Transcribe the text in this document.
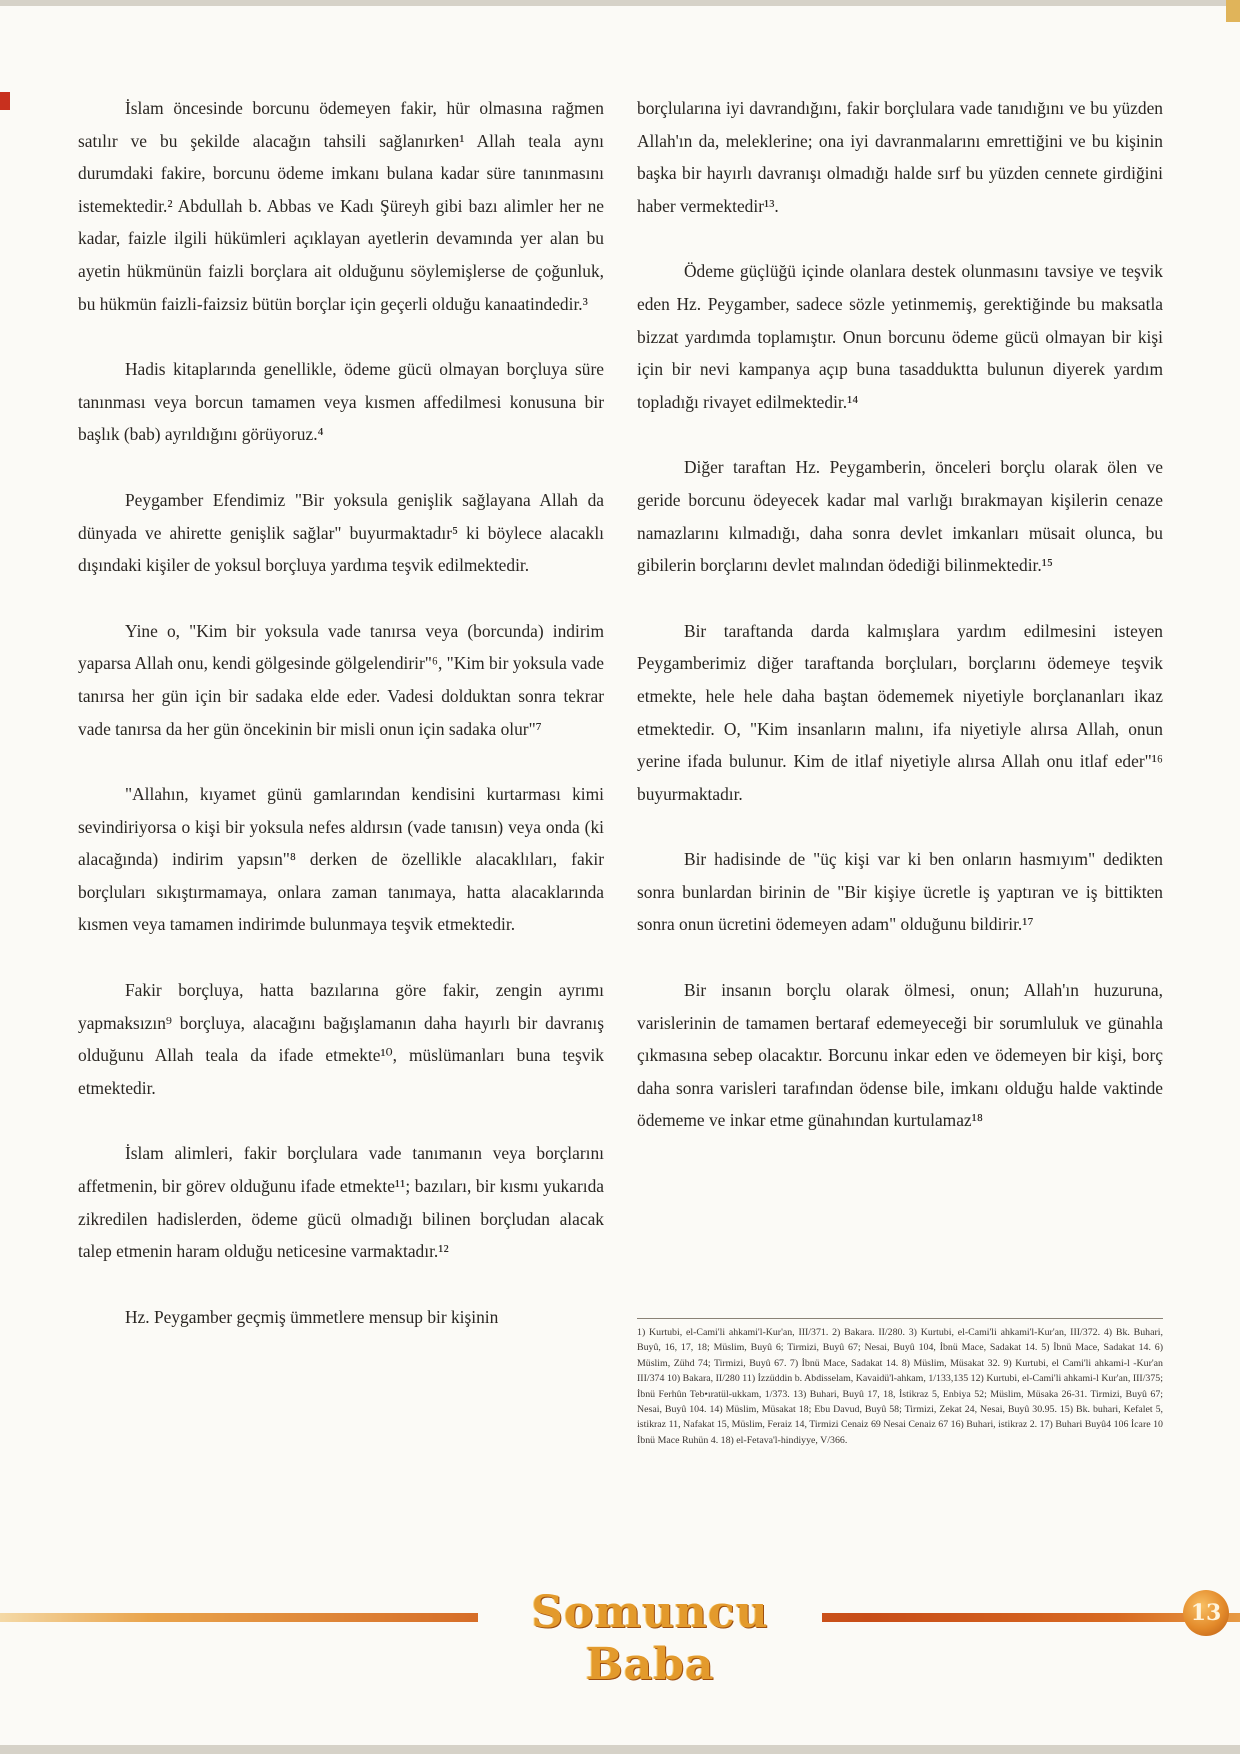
İslam öncesinde borcunu ödemeyen fakir, hür olmasına rağmen satılır ve bu şekilde alacağın tahsili sağlanırken¹ Allah teala aynı durumdaki fakire, borcunu ödeme imkanı bulana kadar süre tanınmasını istemektedir.² Abdullah b. Abbas ve Kadı Şüreyh gibi bazı alimler her ne kadar, faizle ilgili hükümleri açıklayan ayetlerin devamında yer alan bu ayetin hükmünün faizli borçlara ait olduğunu söylemişlerse de çoğunluk, bu hükmün faizli-faizsiz bütün borçlar için geçerli olduğu kanaatindedir.³

Hadis kitaplarında genellikle, ödeme gücü olmayan borçluya süre tanınması veya borcun tamamen veya kısmen affedilmesi konusuna bir başlık (bab) ayrıldığını görüyoruz.⁴

Peygamber Efendimiz "Bir yoksula genişlik sağlayana Allah da dünyada ve ahirette genişlik sağlar" buyurmaktadır⁵ ki böylece alacaklı dışındaki kişiler de yoksul borçluya yardıma teşvik edilmektedir.

Yine o, "Kim bir yoksula vade tanırsa veya (borcunda) indirim yaparsa Allah onu, kendi gölgesinde gölgelendirir"⁶, "Kim bir yoksula vade tanırsa her gün için bir sadaka elde eder. Vadesi dolduktan sonra tekrar vade tanırsa da her gün öncekinin bir misli onun için sadaka olur"⁷

"Allahın, kıyamet günü gamlarından kendisini kurtarması kimi sevindiriyorsa o kişi bir yoksula nefes aldırsın (vade tanısın) veya onda (ki alacağında) indirim yapsın"⁸ derken de özellikle alacaklıları, fakir borçluları sıkıştırmamaya, onlara zaman tanımaya, hatta alacaklarında kısmen veya tamamen indirimde bulunmaya teşvik etmektedir.

Fakir borçluya, hatta bazılarına göre fakir, zengin ayrımı yapmaksızın⁹ borçluya, alacağını bağışlamanın daha hayırlı bir davranış olduğunu Allah teala da ifade etmekte¹⁰, müslümanları buna teşvik etmektedir.

İslam alimleri, fakir borçlulara vade tanımanın veya borçlarını affetmenin, bir görev olduğunu ifade etmekte¹¹; bazıları, bir kısmı yukarıda zikredilen hadislerden, ödeme gücü olmadığı bilinen borçludan alacak talep etmenin haram olduğu neticesine varmaktadır.¹²

Hz. Peygamber geçmiş ümmetlere mensup bir kişinin

borçlularına iyi davrandığını, fakir borçlulara vade tanıdığını ve bu yüzden Allah'ın da, meleklerine; ona iyi davranmalarını emrettiğini ve bu kişinin başka bir hayırlı davranışı olmadığı halde sırf bu yüzden cennete girdiğini haber vermektedir¹³.

Ödeme güçlüğü içinde olanlara destek olunmasını tavsiye ve teşvik eden Hz. Peygamber, sadece sözle yetinmemiş, gerektiğinde bu maksatla bizzat yardımda toplamıştır. Onun borcunu ödeme gücü olmayan bir kişi için bir nevi kampanya açıp buna tasadduktta bulunun diyerek yardım topladığı rivayet edilmektedir.¹⁴

Diğer taraftan Hz. Peygamberin, önceleri borçlu olarak ölen ve geride borcunu ödeyecek kadar mal varlığı bırakmayan kişilerin cenaze namazlarını kılmadığı, daha sonra devlet imkanları müsait olunca, bu gibilerin borçlarını devlet malından ödediği bilinmektedir.¹⁵

Bir taraftanda darda kalmışlara yardım edilmesini isteyen Peygamberimiz diğer taraftanda borçluları, borçlarını ödemeye teşvik etmekte, hele hele daha baştan ödememek niyetiyle borçlananları ikaz etmektedir. O, "Kim insanların malını, ifa niyetiyle alırsa Allah, onun yerine ifada bulunur. Kim de itlaf niyetiyle alırsa Allah onu itlaf eder"¹⁶ buyurmaktadır.

Bir hadisinde de "üç kişi var ki ben onların hasmıyım" dedikten sonra bunlardan birinin de "Bir kişiye ücretle iş yaptıran ve iş bittikten sonra onun ücretini ödemeyen adam" olduğunu bildirir.¹⁷

Bir insanın borçlu olarak ölmesi, onun; Allah'ın huzuruna, varislerinin de tamamen bertaraf edemeyeceği bir sorumluluk ve günahla çıkmasına sebep olacaktır. Borcunu inkar eden ve ödemeyen bir kişi, borç daha sonra varisleri tarafından ödense bile, imkanı olduğu halde vaktinde ödememe ve inkar etme günahından kurtulamaz¹⁸

1) Kurtubi, el-Cami'li ahkami'l-Kur'an, III/371. 2) Bakara. II/280. 3) Kurtubi, el-Cami'li ahkami'l-Kur'an, III/372. 4) Bk. Buhari, Buyû, 16, 17, 18; Müslim, Buyû 6; Tirmizi, Buyû 67; Nesai, Buyû 104, İbnü Mace, Sadakat 14. 5) İbnü Mace, Sadakat 14. 6) Müslim, Zühd 74; Tirmizi, Buyû 67. 7) İbnü Mace, Sadakat 14. 8) Müslim, Müsakat 32. 9) Kurtubi, el Cami'li ahkami-l -Kur'an III/374 10) Bakara, II/280 11) İzzüddin b. Abdisselam, Kavaidü'l-ahkam, 1/133,135 12) Kurtubi, el-Cami'li ahkami-l Kur'an, III/375; İbnü Ferhûn Teb•ıratül-ukkam, 1/373. 13) Buhari, Buyû 17, 18, İstikraz 5, Enbiya 52; Müslim, Müsaka 26-31. Tirmizi, Buyû 67; Nesai, Buyû 104. 14) Müslim, Müsakat 18; Ebu Davud, Buyû 58; Tirmizi, Zekat 24, Nesai, Buyû 30.95. 15) Bk. buhari, Kefalet 5, istikraz 11, Nafakat 15, Müslim, Feraiz 14, Tirmizi Cenaiz 69 Nesai Cenaiz 67 16) Buhari, istikraz 2. 17) Buhari Buyû4 106 İcare 10 İbnü Mace Ruhün 4. 18) el-Fetava'l-hindiyye, V/366.
Somuncu Baba
13
